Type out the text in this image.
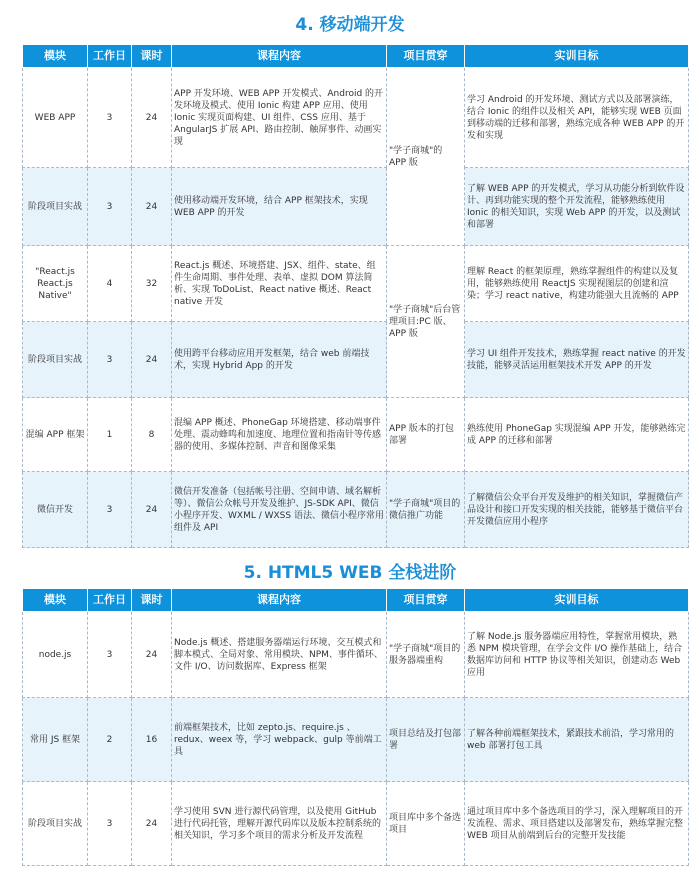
4. 移动端开发
模块	工作日	课时	课程内容	项目贯穿	实训目标
WEB APP	3	24	APP 开发环境、WEB APP 开发模式、Android 的开发环境及模式、使用 Ionic 构建 APP 应用、使用 Ionic 实现页面构建、UI 组件、CSS 应用、基于 AngularJS 扩展 API、路由控制、触屏事件、动画实现	"学子商城"的 APP 版	学习 Android 的开发环境、测试方式以及部署演练，结合 Ionic 的组件以及相关 API，能够实现 WEB 页面到移动端的迁移和部署，熟练完成各种 WEB APP 的开发和实现
阶段项目实战	3	24	使用移动端开发环境，结合 APP 框架技术，实现 WEB APP 的开发		了解 WEB APP 的开发模式，学习从功能分析到软件设计、再到功能实现的整个开发流程，能够熟练使用 Ionic 的相关知识，实现 Web APP 的开发，以及测试和部署
"React.js React.js Native"	4	32	React.js 概述、环境搭建、JSX、组件、state、组件生命周期、事件处理、表单、虚拟 DOM 算法简析、实现 ToDoList、React native 概述、React native 开发	"学子商城"后台管理项目:PC 版、APP 版	理解 React 的框架原理，熟练掌握组件的构建以及复用，能够熟练使用 ReactJS 实现视图层的创建和渲染；学习 react native，构建功能强大且流畅的 APP
阶段项目实战	3	24	使用跨平台移动应用开发框架，结合 web 前端技术，实现 Hybrid App 的开发		学习 UI 组件开发技术，熟练掌握 react native 的开发技能，能够灵活运用框架技术开发 APP 的开发
混编 APP 框架	1	8	混编 APP 概述、PhoneGap 环境搭建、移动端事件处理、震动蜂鸣和加速度、地理位置和指南针等传感器的使用、多媒体控制、声音和图像采集	APP 版本的打包部署	熟练使用 PhoneGap 实现混编 APP 开发，能够熟练完成 APP 的迁移和部署
微信开发	3	24	微信开发准备（包括帐号注册、空间申请、域名解析等）、微信公众帐号开发及维护、JS-SDK API、微信小程序开发、WXML / WXSS 语法、微信小程序常用组件及 API	"学子商城"项目的微信推广功能	了解微信公众平台开发及维护的相关知识，掌握微信产品设计和接口开发实现的相关技能，能够基于微信平台开发微信应用小程序
5. HTML5 WEB 全栈进阶
模块	工作日	课时	课程内容	项目贯穿	实训目标
node.js	3	24	Node.js 概述、搭建服务器端运行环境、交互模式和脚本模式、全局对象、常用模块、NPM、事件循环、文件 I/O、访问数据库、Express 框架	"学子商城"项目的服务器端重构	了解 Node.js 服务器端应用特性，掌握常用模块，熟悉 NPM 模块管理，在学会文件 I/O 操作基础上，结合数据库访问和 HTTP 协议等相关知识，创建动态 Web 应用
常用 JS 框架	2	16	前端框架技术，比如 zepto.js、require.js 、redux、weex 等，学习 webpack、gulp 等前端工具	项目总结及打包部署	了解各种前端框架技术，紧跟技术前沿，学习常用的 web 部署打包工具
阶段项目实战	3	24	学习使用 SVN 进行源代码管理，以及使用 GitHub 进行代码托管，理解开源代码库以及版本控制系统的相关知识，学习多个项目的需求分析及开发流程	项目库中多个备选项目	通过项目库中多个备选项目的学习，深入理解项目的开发流程、需求、项目搭建以及部署发布，熟练掌握完整 WEB 项目从前端到后台的完整开发技能
